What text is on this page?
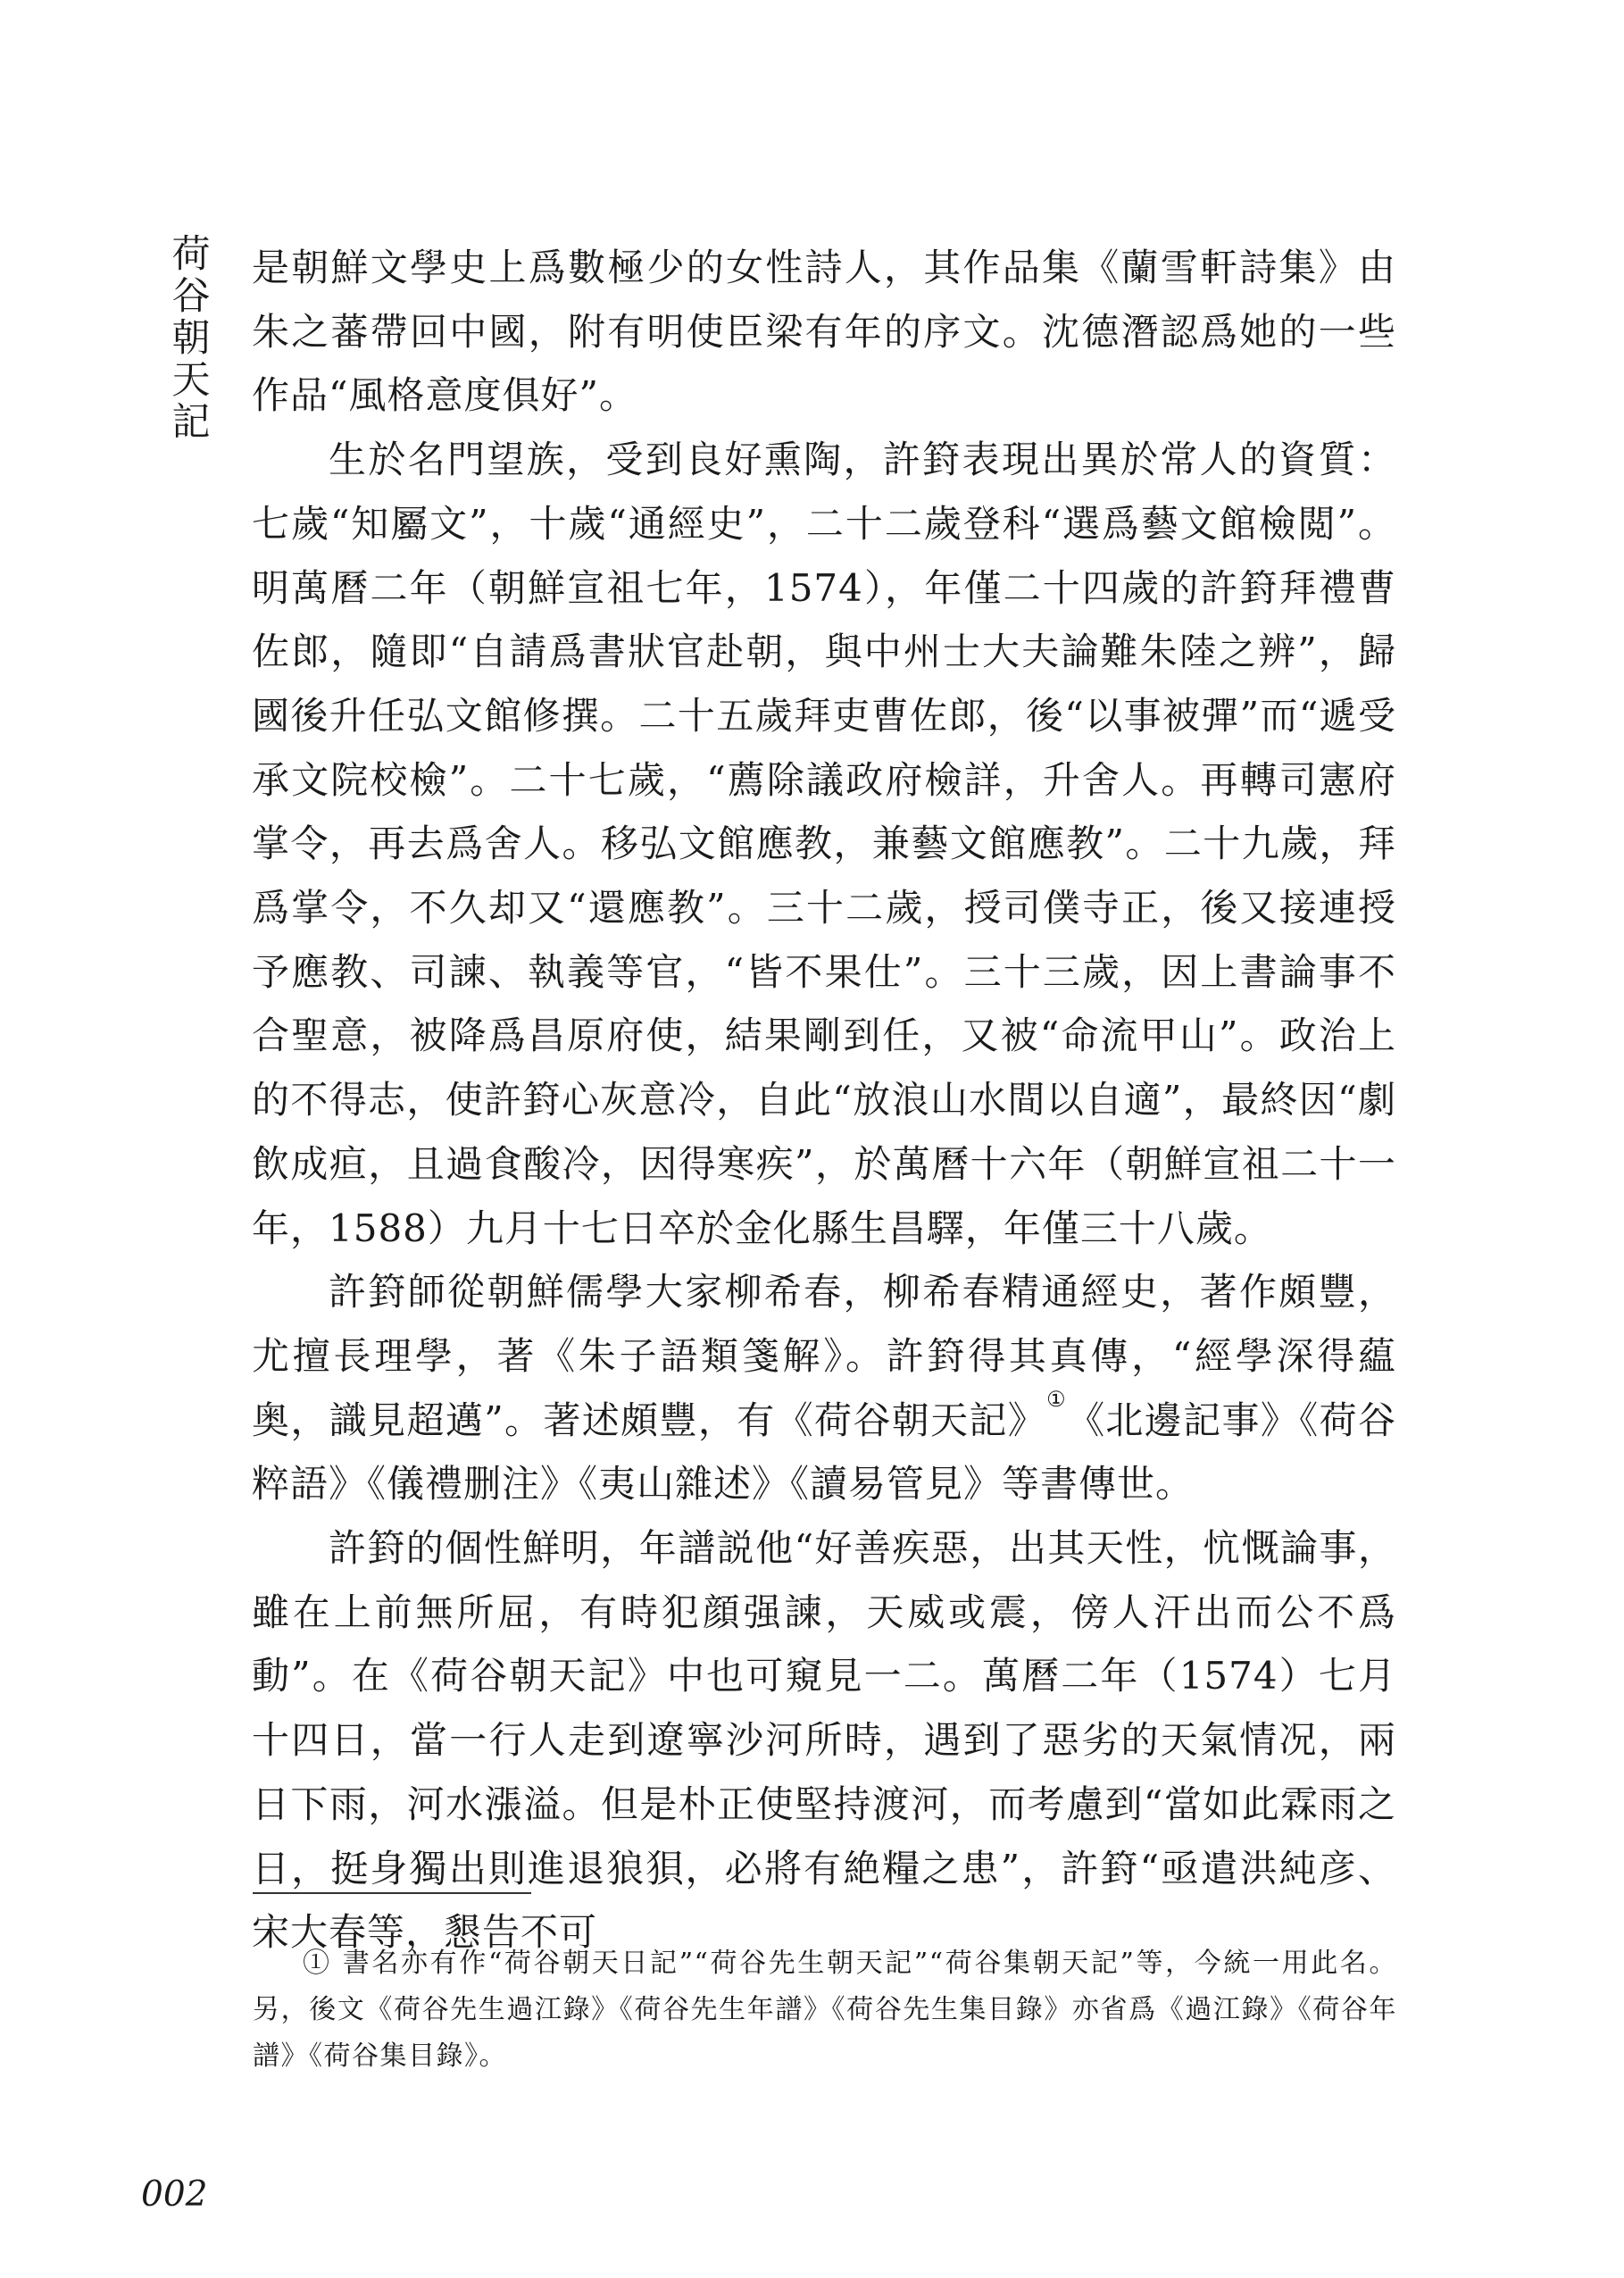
荷
谷
朝
天
記

是朝鮮文學史上爲數極少的女性詩人，其作品集《蘭雪軒詩集》由朱之蕃帶回中國，附有明使臣梁有年的序文。沈德潛認爲她的一些作品“風格意度俱好”。

生於名門望族，受到良好熏陶，許篈表現出異於常人的資質：七歲“知屬文”，十歲“通經史”，二十二歲登科“選爲藝文館檢閲”。明萬曆二年（朝鮮宣祖七年，1574），年僅二十四歲的許篈拜禮曹佐郎，隨即“自請爲書狀官赴朝，與中州士大夫論難朱陸之辨”，歸國後升任弘文館修撰。二十五歲拜吏曹佐郎，後“以事被彈”而“遞受承文院校檢”。二十七歲，“薦除議政府檢詳，升舍人。再轉司憲府掌令，再去爲舍人。移弘文館應教，兼藝文館應教”。二十九歲，拜爲掌令，不久却又“還應教”。三十二歲，授司僕寺正，後又接連授予應教、司諫、執義等官，“皆不果仕”。三十三歲，因上書論事不合聖意，被降爲昌原府使，結果剛到任，又被“命流甲山”。政治上的不得志，使許篈心灰意冷，自此“放浪山水間以自適”，最終因“劇飲成疸，且過食酸冷，因得寒疾”，於萬曆十六年（朝鮮宣祖二十一年，1588）九月十七日卒於金化縣生昌驛，年僅三十八歲。

許篈師從朝鮮儒學大家柳希春，柳希春精通經史，著作頗豐，尤擅長理學，著《朱子語類箋解》。許篈得其真傳，“經學深得藴奥，識見超邁”。著述頗豐，有《荷谷朝天記》①《北邊記事》《荷谷粹語》《儀禮删注》《夷山雜述》《讀易管見》等書傳世。

許篈的個性鮮明，年譜説他“好善疾惡，出其天性，忼慨論事，雖在上前無所屈，有時犯顔强諫，天威或震，傍人汗出而公不爲動”。在《荷谷朝天記》中也可窺見一二。萬曆二年（1574）七月十四日，當一行人走到遼寧沙河所時，遇到了惡劣的天氣情况，兩日下雨，河水漲溢。但是朴正使堅持渡河，而考慮到“當如此霖雨之日，挺身獨出則進退狼狽，必將有絶糧之患”，許篈“亟遣洪純彦、宋大春等，懇告不可

① 書名亦有作“荷谷朝天日記”“荷谷先生朝天記”“荷谷集朝天記”等，今統一用此名。另，後文《荷谷先生過江錄》《荷谷先生年譜》《荷谷先生集目錄》亦省爲《過江錄》《荷谷年譜》《荷谷集目錄》。

002
